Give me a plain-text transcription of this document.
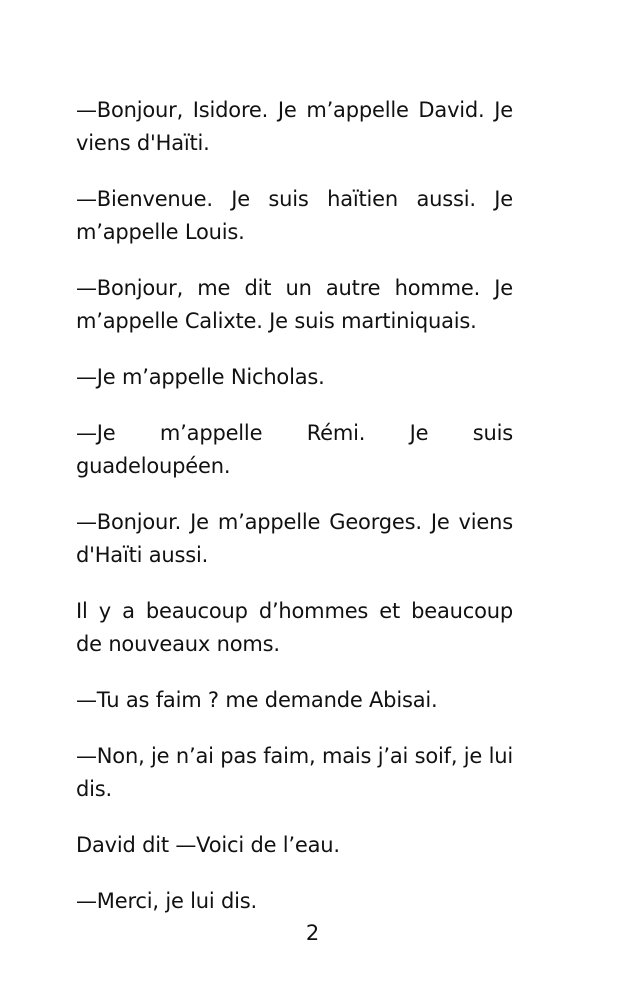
—Bonjour, Isidore. Je m’appelle David. Je viens d'Haïti.

—Bienvenue. Je suis haïtien aussi. Je m’appelle Louis.

—Bonjour, me dit un autre homme. Je m’appelle Calixte. Je suis martiniquais.

—Je m’appelle Nicholas.

—Je m’appelle Rémi. Je suis guadeloupéen.

—Bonjour. Je m’appelle Georges. Je viens d'Haïti aussi.

Il y a beaucoup d’hommes et beaucoup de nouveaux noms.

—Tu as faim ? me demande Abisai.

—Non, je n’ai pas faim, mais j’ai soif, je lui dis.

David dit —Voici de l’eau.

—Merci, je lui dis.

2
